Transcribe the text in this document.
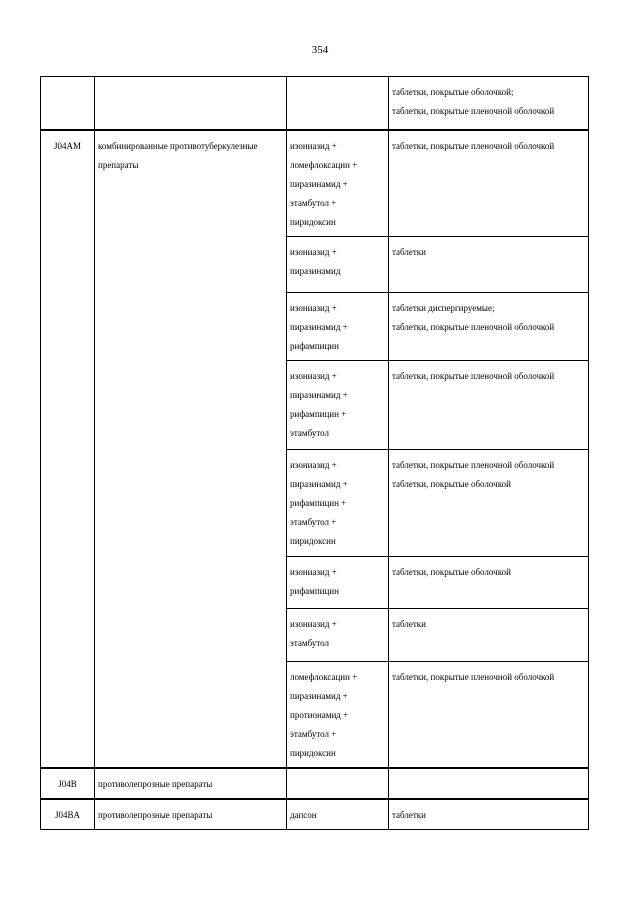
354

			таблетки, покрытые оболочкой;
таблетки, покрытые пленочной оболочкой

J04AM	комбинированные противотуберкулезные
препараты	изониазид +
ломефлоксацин +
пиразинамид +
этамбутол +
пиридоксин	таблетки, покрытые пленочной оболочкой

		изониазид +
пиразинамид	таблетки

		изониазид +
пиразинамид +
рифампицин	таблетки диспергируемые;
таблетки, покрытые пленочной оболочкой

		изониазид +
пиразинамид +
рифампицин +
этамбутол	таблетки, покрытые пленочной оболочкой

		изониазид +
пиразинамид +
рифампицин +
этамбутол +
пиридоксин	таблетки, покрытые пленочной оболочкой
таблетки, покрытые оболочкой

		изониазид +
рифампицин	таблетки, покрытые оболочкой

		изониазид +
этамбутол	таблетки

		ломефлоксацин +
пиразинамид +
протионамид +
этамбутол +
пиридоксин	таблетки, покрытые пленочной оболочкой

J04B	противолепрозные препараты		

J04BA	противолепрозные препараты	дапсон	таблетки
